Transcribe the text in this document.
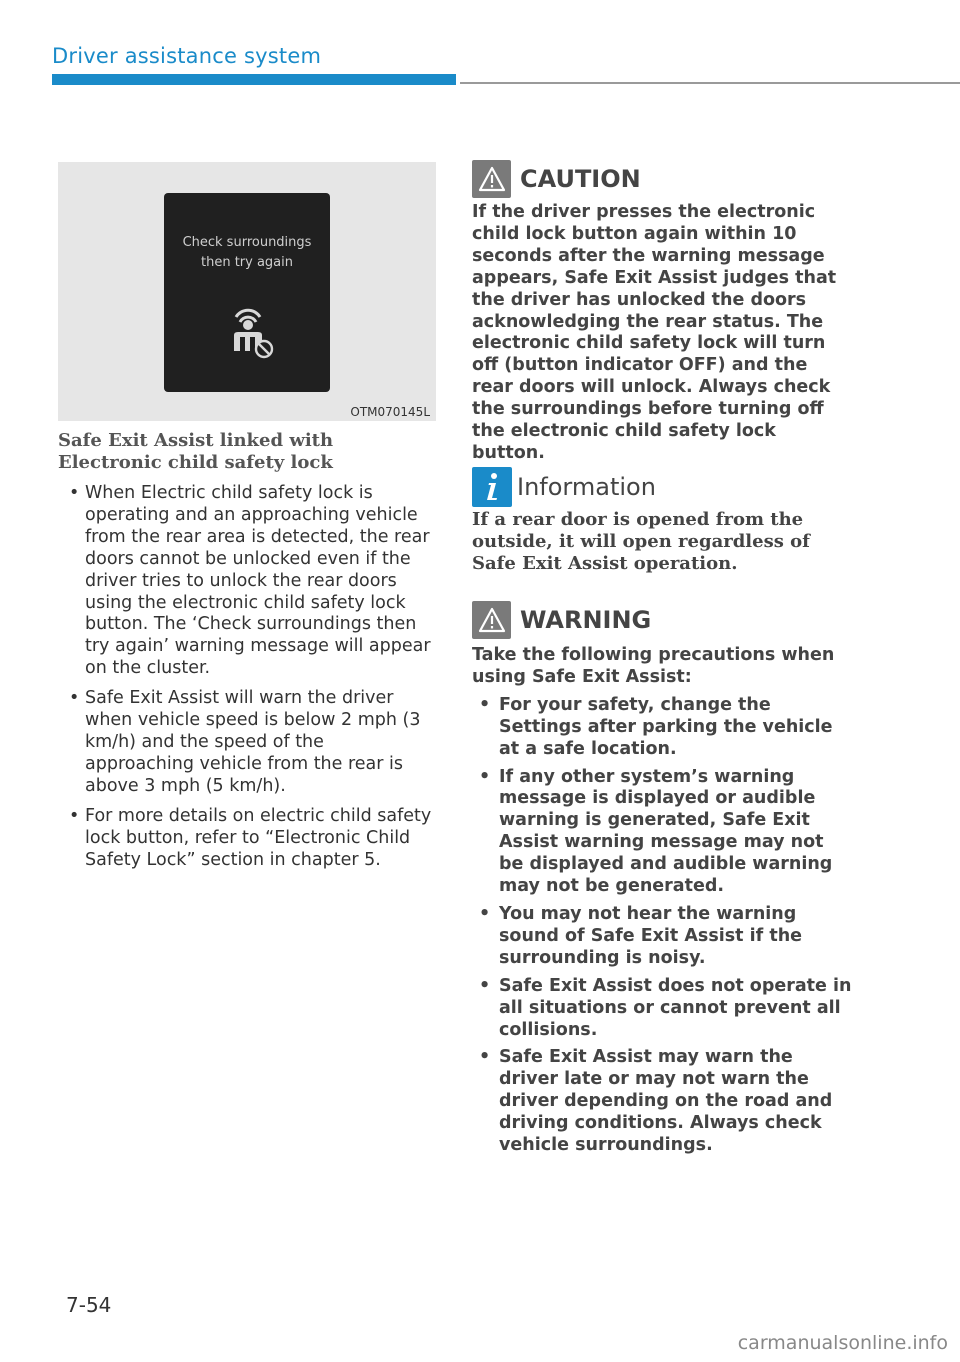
Driver assistance system
Check surroundings
then try again
OTM070145L
Safe Exit Assist linked with Electronic child safety lock
• When Electric child safety lock is operating and an approaching vehicle from the rear area is detected, the rear doors cannot be unlocked even if the driver tries to unlock the rear doors using the electronic child safety lock button. The ‘Check surroundings then try again’ warning message will appear on the cluster.
• Safe Exit Assist will warn the driver when vehicle speed is below 2 mph (3 km/h) and the speed of the approaching vehicle from the rear is above 3 mph (5 km/h).
• For more details on electric child safety lock button, refer to “Electronic Child Safety Lock” section in chapter 5.
CAUTION
If the driver presses the electronic child lock button again within 10 seconds after the warning message appears, Safe Exit Assist judges that the driver has unlocked the doors acknowledging the rear status. The electronic child safety lock will turn off (button indicator OFF) and the rear doors will unlock. Always check the surroundings before turning off the electronic child safety lock button.
Information
If a rear door is opened from the outside, it will open regardless of Safe Exit Assist operation.
WARNING
Take the following precautions when using Safe Exit Assist:
• For your safety, change the Settings after parking the vehicle at a safe location.
• If any other system’s warning message is displayed or audible warning is generated, Safe Exit Assist warning message may not be displayed and audible warning may not be generated.
• You may not hear the warning sound of Safe Exit Assist if the surrounding is noisy.
• Safe Exit Assist does not operate in all situations or cannot prevent all collisions.
• Safe Exit Assist may warn the driver late or may not warn the driver depending on the road and driving conditions. Always check vehicle surroundings.
7-54
carmanualsonline.info
